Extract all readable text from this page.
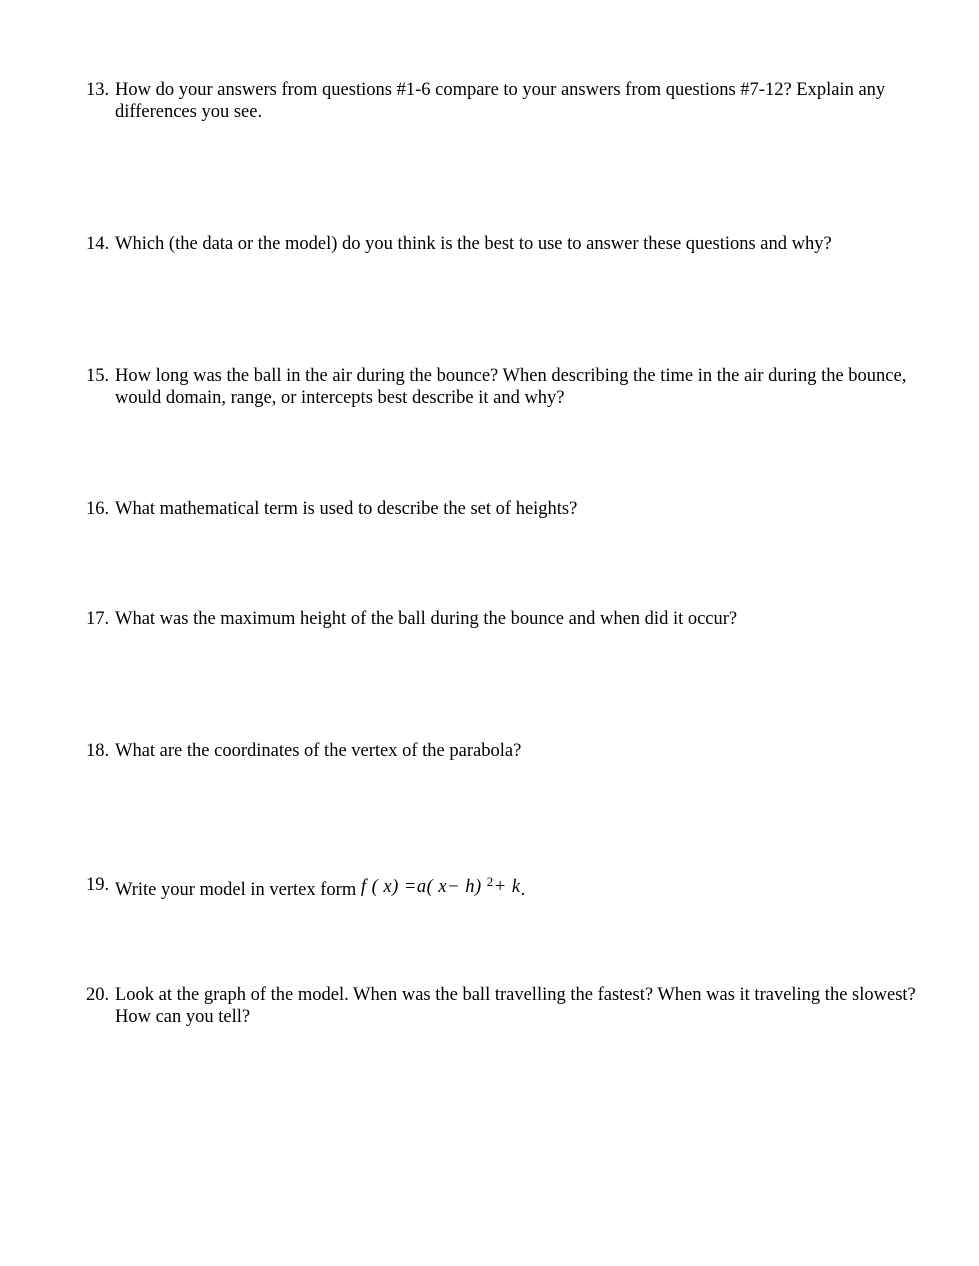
13. How do your answers from questions #1-6 compare to your answers from questions #7-12? Explain any differences you see.
14. Which (the data or the model) do you think is the best to use to answer these questions and why?
15. How long was the ball in the air during the bounce? When describing the time in the air during the bounce, would domain, range, or intercepts best describe it and why?
16. What mathematical term is used to describe the set of heights?
17. What was the maximum height of the ball during the bounce and when did it occur?
18. What are the coordinates of the vertex of the parabola?
19. Write your model in vertex form f ( x) =a( x− h) $^2$+ k.
20. Look at the graph of the model. When was the ball travelling the fastest? When was it traveling the slowest? How can you tell?
